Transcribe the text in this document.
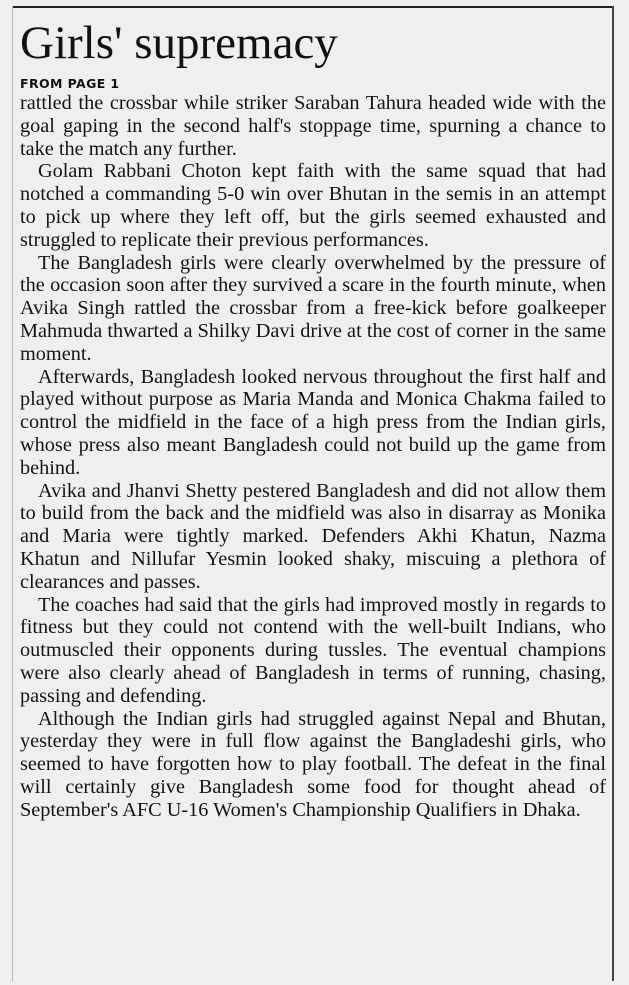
Girls' supremacy
FROM PAGE 1

rattled the crossbar while striker Saraban Tahura headed wide with the goal gaping in the second half's stoppage time, spurning a chance to take the match any further.

Golam Rabbani Choton kept faith with the same squad that had notched a commanding 5-0 win over Bhutan in the semis in an attempt to pick up where they left off, but the girls seemed exhausted and struggled to replicate their previous performances.

The Bangladesh girls were clearly overwhelmed by the pressure of the occasion soon after they survived a scare in the fourth minute, when Avika Singh rattled the crossbar from a free-kick before goalkeeper Mahmuda thwarted a Shilky Davi drive at the cost of corner in the same moment.

Afterwards, Bangladesh looked nervous throughout the first half and played without purpose as Maria Manda and Monica Chakma failed to control the midfield in the face of a high press from the Indian girls, whose press also meant Bangladesh could not build up the game from behind.

Avika and Jhanvi Shetty pestered Bangladesh and did not allow them to build from the back and the midfield was also in disarray as Monika and Maria were tightly marked. Defenders Akhi Khatun, Nazma Khatun and Nillufar Yesmin looked shaky, miscuing a plethora of clearances and passes.

The coaches had said that the girls had improved mostly in regards to fitness but they could not contend with the well-built Indians, who outmuscled their opponents during tussles. The eventual champions were also clearly ahead of Bangladesh in terms of running, chasing, passing and defending.

Although the Indian girls had struggled against Nepal and Bhutan, yesterday they were in full flow against the Bangladeshi girls, who seemed to have forgotten how to play football. The defeat in the final will certainly give Bangladesh some food for thought ahead of September's AFC U-16 Women's Championship Qualifiers in Dhaka.
